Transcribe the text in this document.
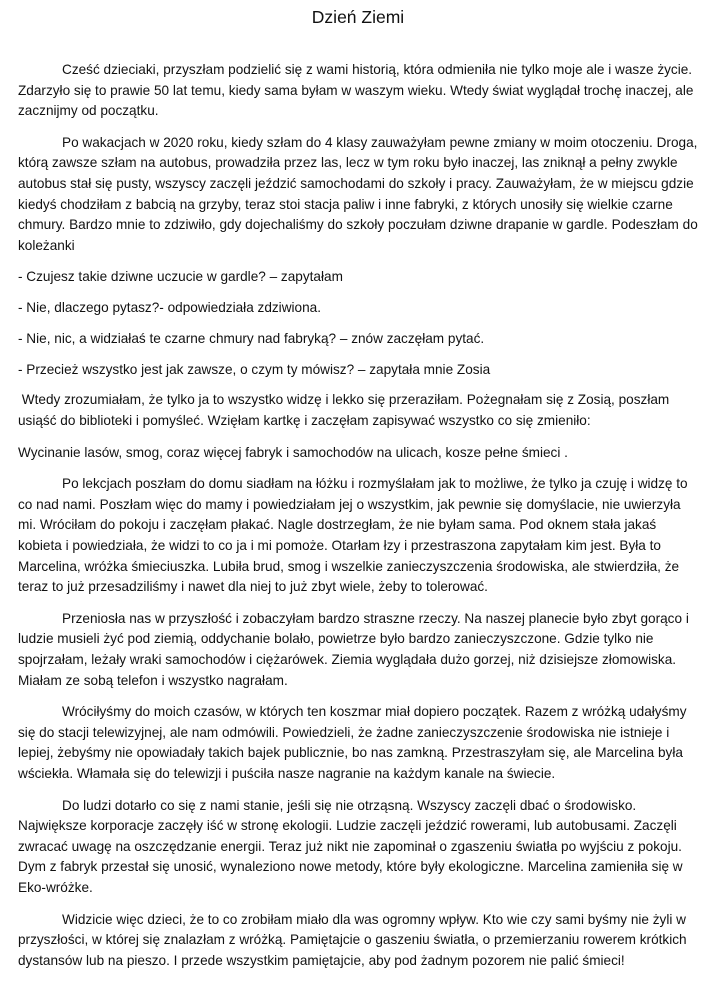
Dzień Ziemi

Cześć dzieciaki, przyszłam podzielić się z wami historią, która odmieniła nie tylko moje ale i wasze życie. Zdarzyło się to prawie 50 lat temu, kiedy sama byłam w waszym wieku. Wtedy świat wyglądał trochę inaczej, ale zacznijmy od początku.

Po wakacjach w 2020 roku, kiedy szłam do 4 klasy zauważyłam pewne zmiany w moim otoczeniu. Droga, którą zawsze szłam na autobus, prowadziła przez las, lecz w tym roku było inaczej, las zniknął a pełny zwykle autobus stał się pusty, wszyscy zaczęli jeździć samochodami do szkoły i pracy. Zauważyłam, że w miejscu gdzie kiedyś chodziłam z babcią na grzyby, teraz stoi stacja paliw i inne fabryki, z których unosiły się wielkie czarne chmury. Bardzo mnie to zdziwiło, gdy dojechaliśmy do szkoły poczułam dziwne drapanie w gardle. Podeszłam do koleżanki

- Czujesz takie dziwne uczucie w gardle? – zapytałam

- Nie, dlaczego pytasz?- odpowiedziała zdziwiona.

- Nie, nic, a widziałaś te czarne chmury nad fabryką? – znów zaczęłam pytać.

- Przecież wszystko jest jak zawsze, o czym ty mówisz? – zapytała mnie Zosia

Wtedy zrozumiałam, że tylko ja to wszystko widzę i lekko się przeraziłam. Pożegnałam się z Zosią, poszłam usiąść do biblioteki i pomyśleć. Wzięłam kartkę i zaczęłam zapisywać wszystko co się zmieniło:

Wycinanie lasów, smog, coraz więcej fabryk i samochodów na ulicach, kosze pełne śmieci .

Po lekcjach poszłam do domu siadłam na łóżku i rozmyślałam jak to możliwe, że tylko ja czuję i widzę to co nad nami. Poszłam więc do mamy i powiedziałam jej o wszystkim, jak pewnie się domyślacie, nie uwierzyła mi. Wróciłam do pokoju i zaczęłam płakać. Nagle dostrzegłam, że nie byłam sama. Pod oknem stała jakaś kobieta i powiedziała, że widzi to co ja i mi pomoże. Otarłam łzy i przestraszona zapytałam kim jest. Była to Marcelina, wróżka śmieciuszka. Lubiła brud, smog i wszelkie zanieczyszczenia środowiska, ale stwierdziła, że teraz to już przesadziliśmy i nawet dla niej to już zbyt wiele, żeby to tolerować.

Przeniosła nas w przyszłość i zobaczyłam bardzo straszne rzeczy. Na naszej planecie było zbyt gorąco i ludzie musieli żyć pod ziemią, oddychanie bolało, powietrze było bardzo zanieczyszczone. Gdzie tylko nie spojrzałam, leżały wraki samochodów i ciężarówek. Ziemia wyglądała dużo gorzej, niż dzisiejsze złomowiska. Miałam ze sobą telefon i wszystko nagrałam.

Wróciłyśmy do moich czasów, w których ten koszmar miał dopiero początek. Razem z wróżką udałyśmy się do stacji telewizyjnej, ale nam odmówili. Powiedzieli, że żadne zanieczyszczenie środowiska nie istnieje i lepiej, żebyśmy nie opowiadały takich bajek publicznie, bo nas zamkną. Przestraszyłam się, ale Marcelina była wściekła. Włamała się do telewizji i puściła nasze nagranie na każdym kanale na świecie.

Do ludzi dotarło co się z nami stanie, jeśli się nie otrząsną. Wszyscy zaczęli dbać o środowisko. Największe korporacje zaczęły iść w stronę ekologii. Ludzie zaczęli jeździć rowerami, lub autobusami. Zaczęli zwracać uwagę na oszczędzanie energii. Teraz już nikt nie zapominał o zgaszeniu światła po wyjściu z pokoju. Dym z fabryk przestał się unosić, wynaleziono nowe metody, które były ekologiczne. Marcelina zamieniła się w Eko-wróżke.

Widzicie więc dzieci, że to co zrobiłam miało dla was ogromny wpływ. Kto wie czy sami byśmy nie żyli w przyszłości, w której się znalazłam z wróżką. Pamiętajcie o gaszeniu światła, o przemierzaniu rowerem krótkich dystansów lub na pieszo. I przede wszystkim pamiętajcie, aby pod żadnym pozorem nie palić śmieci!
